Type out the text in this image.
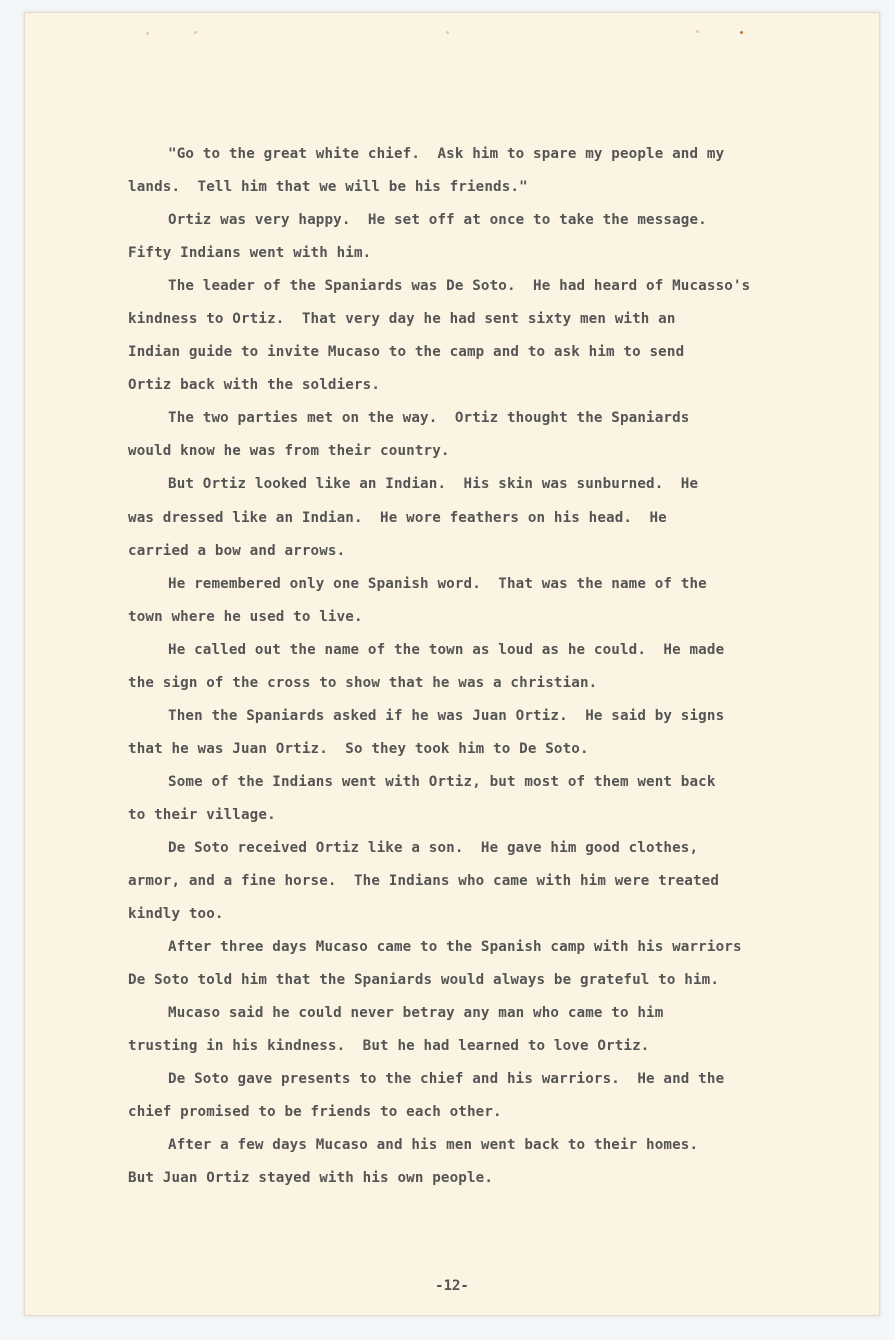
"Go to the great white chief.  Ask him to spare my people and my
lands.  Tell him that we will be his friends."
Ortiz was very happy.  He set off at once to take the message.
Fifty Indians went with him.
The leader of the Spaniards was De Soto.  He had heard of Mucasso's
kindness to Ortiz.  That very day he had sent sixty men with an
Indian guide to invite Mucaso to the camp and to ask him to send
Ortiz back with the soldiers.
The two parties met on the way.  Ortiz thought the Spaniards
would know he was from their country.
But Ortiz looked like an Indian.  His skin was sunburned.  He
was dressed like an Indian.  He wore feathers on his head.  He
carried a bow and arrows.
He remembered only one Spanish word.  That was the name of the
town where he used to live.
He called out the name of the town as loud as he could.  He made
the sign of the cross to show that he was a christian.
Then the Spaniards asked if he was Juan Ortiz.  He said by signs
that he was Juan Ortiz.  So they took him to De Soto.
Some of the Indians went with Ortiz, but most of them went back
to their village.
De Soto received Ortiz like a son.  He gave him good clothes,
armor, and a fine horse.  The Indians who came with him were treated
kindly too.
After three days Mucaso came to the Spanish camp with his warriors
De Soto told him that the Spaniards would always be grateful to him.
Mucaso said he could never betray any man who came to him
trusting in his kindness.  But he had learned to love Ortiz.
De Soto gave presents to the chief and his warriors.  He and the
chief promised to be friends to each other.
After a few days Mucaso and his men went back to their homes.
But Juan Ortiz stayed with his own people.
-12-
